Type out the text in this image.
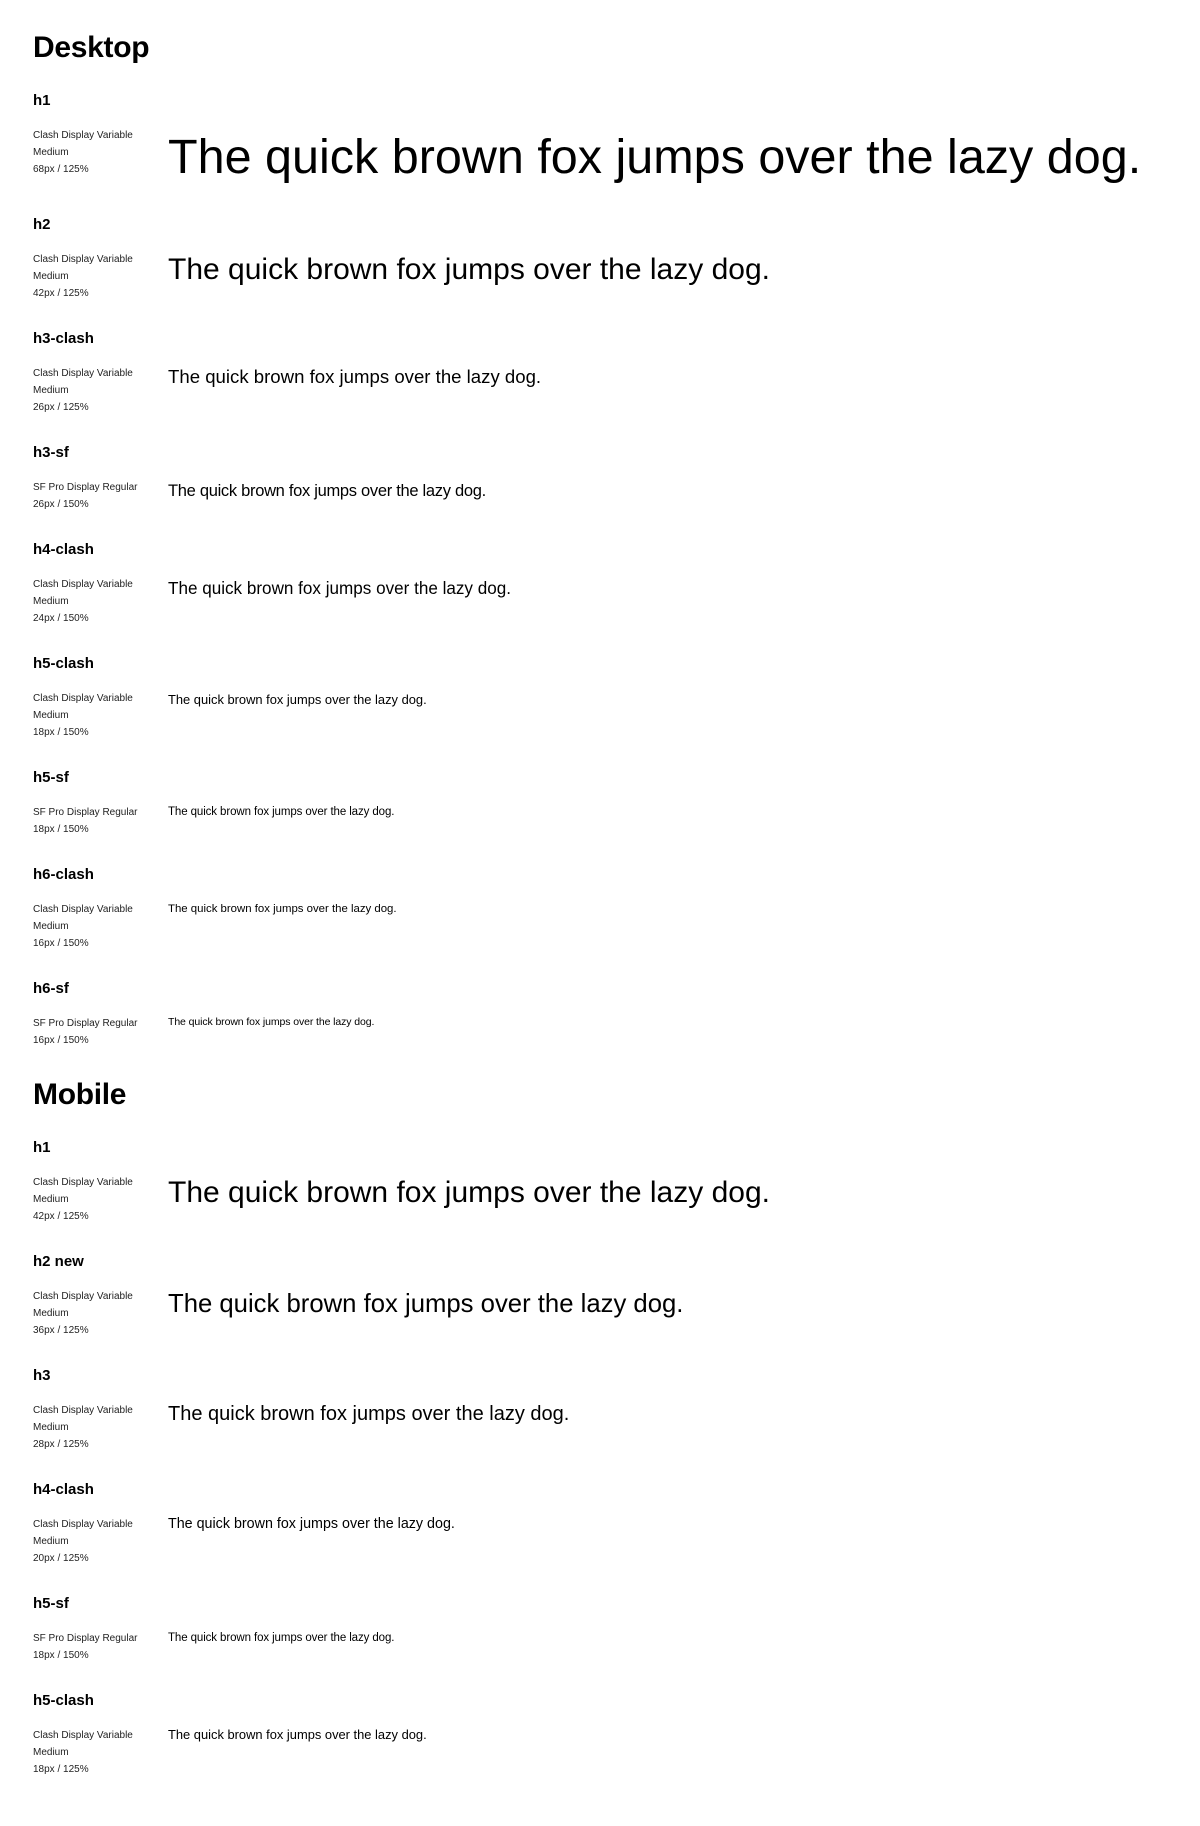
Desktop
h1
Clash Display Variable Medium
68px / 125%	The quick brown fox jumps over the lazy dog.
h2
Clash Display Variable Medium
42px / 125%
The quick brown fox jumps over the lazy dog.
h3-clash
Clash Display Variable Medium
26px / 125%
The quick brown fox jumps over the lazy dog.
h3-sf
SF Pro Display Regular
26px / 150%
The quick brown fox jumps over the lazy dog.
h4-clash
Clash Display Variable Medium
24px / 150%
The quick brown fox jumps over the lazy dog.
h5-clash
Clash Display Variable Medium
18px / 150%
The quick brown fox jumps over the lazy dog.
h5-sf
SF Pro Display Regular
18px / 150%
The quick brown fox jumps over the lazy dog.
h6-clash
Clash Display Variable Medium
16px / 150%
The quick brown fox jumps over the lazy dog.
h6-sf
SF Pro Display Regular
16px / 150%
The quick brown fox jumps over the lazy dog.
Mobile
h1
Clash Display Variable Medium
42px / 125%
The quick brown fox jumps over the lazy dog.
h2 new
Clash Display Variable Medium
36px / 125%
The quick brown fox jumps over the lazy dog.
h3
Clash Display Variable Medium
28px / 125%
The quick brown fox jumps over the lazy dog.
h4-clash
Clash Display Variable Medium
20px / 125%
The quick brown fox jumps over the lazy dog.
h5-sf
SF Pro Display Regular
18px / 150%
The quick brown fox jumps over the lazy dog.
h5-clash
Clash Display Variable Medium
18px / 125%
The quick brown fox jumps over the lazy dog.
